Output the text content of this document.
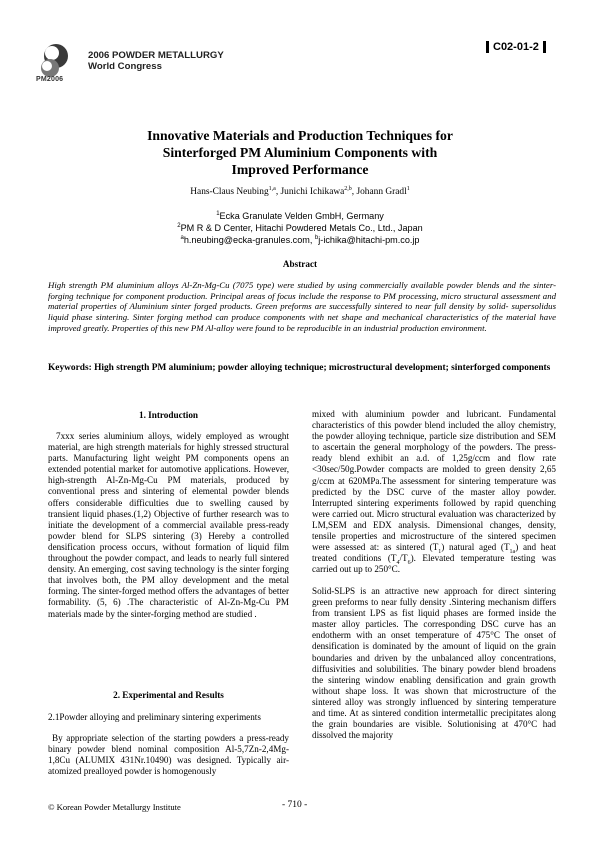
PM2006
2006 POWDER METALLURGY
World Congress
C02-01-2
Innovative Materials and Production Techniques for
Sinterforged PM Aluminium Components with
Improved Performance
Hans-Claus Neubing$^{1,a}$, Junichi Ichikawa$^{2,b}$, Johann Gradl$^1$
$^1$Ecka Granulate Velden GmbH, Germany
$^2$PM R & D Center, Hitachi Powdered Metals Co., Ltd., Japan
$^a$h.neubing@ecka-granules.com, $^b$j-ichika@hitachi-pm.co.jp
Abstract
High strength PM aluminium alloys Al-Zn-Mg-Cu (7075 type) were studied by using commercially available powder blends and the sinter-forging technique for component production. Principal areas of focus include the response to PM processing, micro structural assessment and material properties of Aluminium sinter forged products. Green preforms are successfully sintered to near full density by solid- supersolidus liquid phase sintering. Sinter forging method can produce components with net shape and mechanical characteristics of the material have improved greatly. Properties of this new PM Al-alloy were found to be reproducible in an industrial production environment.
Keywords: High strength PM aluminium; powder alloying technique; microstructural development; sinterforged components
1. Introduction

7xxx series aluminium alloys, widely employed as wrought material, are high strength materials for highly stressed structural parts. Manufacturing light weight PM components opens an extended potential market for automotive applications. However, high-strength Al-Zn-Mg-Cu PM materials, produced by conventional press and sintering of elemental powder blends offers considerable difficulties due to swelling caused by transient liquid phases.(1,2) Objective of further research was to initiate the development of a commercial available press-ready powder blend for SLPS sintering (3) Hereby a controlled densification process occurs, without formation of liquid film throughout the powder compact, and leads to nearly full sintered density. An emerging, cost saving technology is the sinter forging that involves both, the PM alloy development and the metal forming. The sinter-forged method offers the advantages of better formability. (5, 6) .The characteristic of Al-Zn-Mg-Cu PM materials made by the sinter-forging method are studied .

2. Experimental and Results
2.1Powder alloying and preliminary sintering experiments

By appropriate selection of the starting powders a press-ready binary powder blend nominal composition Al-5,7Zn-2,4Mg-1,8Cu (ALUMIX 431Nr.10490) was designed. Typically air-atomized prealloyed powder is homogenously

mixed with aluminium powder and lubricant. Fundamental characteristics of this powder blend included the alloy chemistry, the powder alloying technique, particle size distribution and SEM to ascertain the general morphology of the powders. The press-ready blend exhibit an a.d. of 1,25g/ccm and flow rate <30sec/50g.Powder compacts are molded to green density 2,65 g/ccm at 620MPa.The assessment for sintering temperature was predicted by the DSC curve of the master alloy powder. Interrupted sintering experiments followed by rapid quenching were carried out. Micro structural evaluation was characterized by LM,SEM and EDX analysis. Dimensional changes, density, tensile properties and microstructure of the sintered specimen were assessed at: as sintered $(T_1)$ natural aged $(T_{1a})$ and heat treated conditions $(T_4/T_6)$. Elevated temperature testing was carried out up to 250°C.

Solid-SLPS is an attractive new approach for direct sintering green preforms to near fully density .Sintering mechanism differs from transient LPS as fist liquid phases are formed inside the master alloy particles. The corresponding DSC curve has an endotherm with an onset temperature of 475°C The onset of densification is dominated by the amount of liquid on the grain boundaries and driven by the unbalanced alloy concentrations, diffusivities and solubilities. The binary powder blend broadens the sintering window enabling densification and grain growth without shape loss. It was shown that microstructure of the sintered alloy was strongly influenced by sintering temperature and time. At as sintered condition intermetallic precipitates along the grain boundaries are visible. Solutionising at 470°C had dissolved the majority

© Korean Powder Metallurgy Institute	- 710 -
